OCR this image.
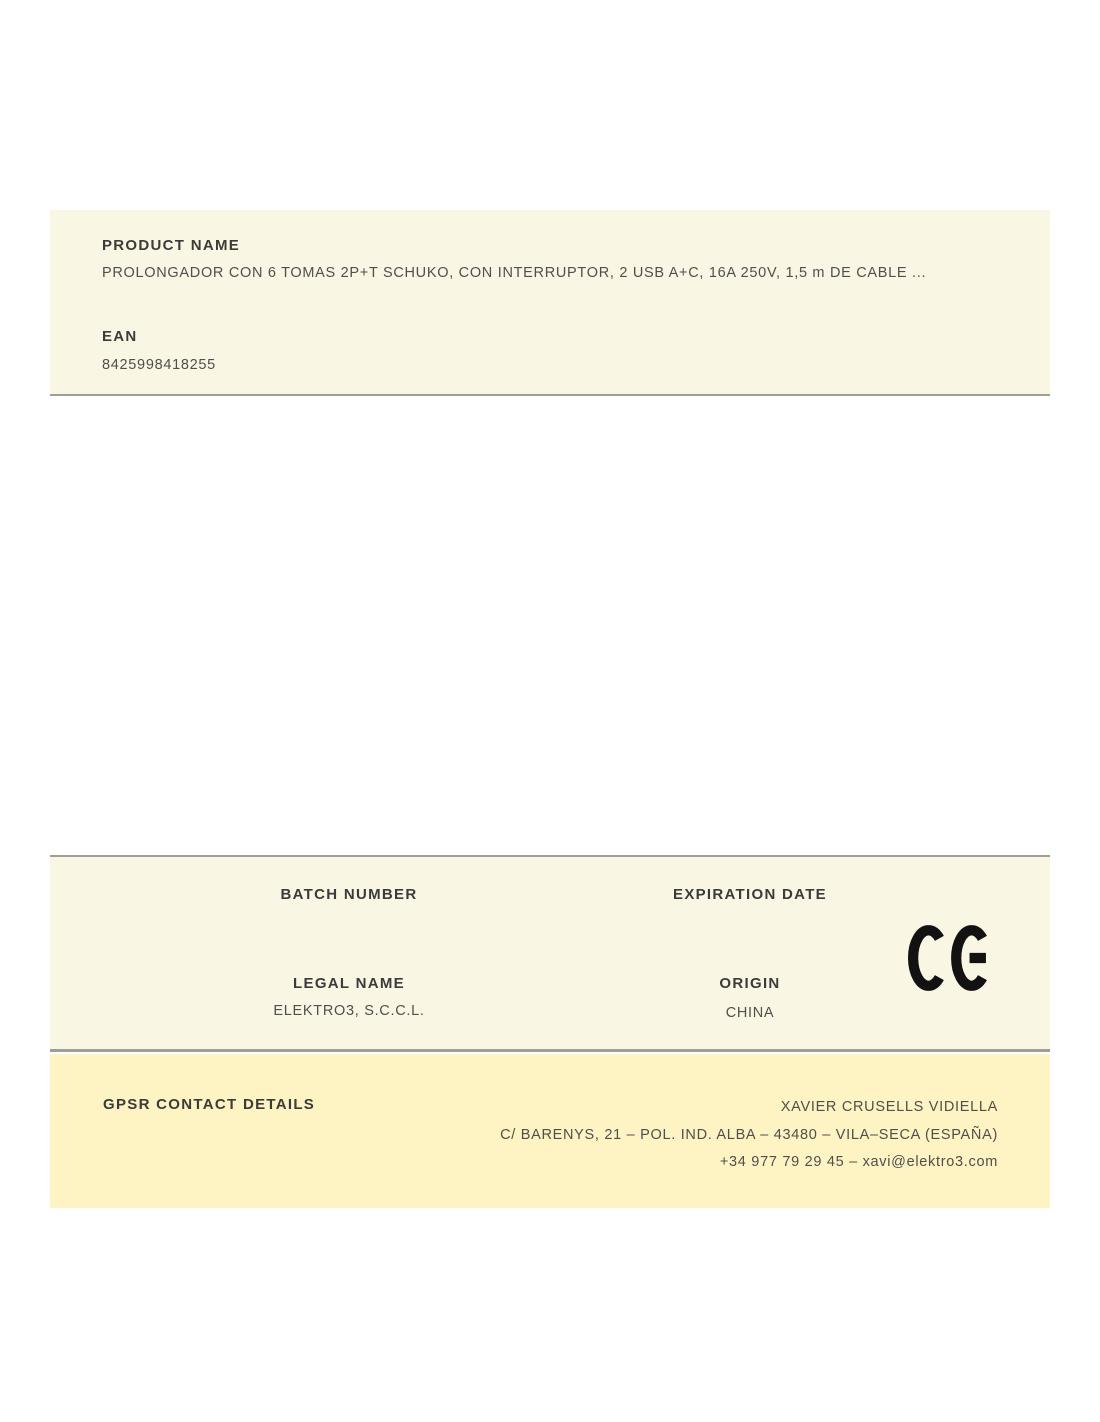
PRODUCT NAME
PROLONGADOR CON 6 TOMAS 2P+T SCHUKO, CON INTERRUPTOR, 2 USB A+C, 16A 250V, 1,5 m DE CABLE ...
EAN
8425998418255
BATCH NUMBER	EXPIRATION DATE
LEGAL NAME
ELEKTRO3, S.C.C.L.
ORIGIN
CHINA
GPSR CONTACT DETAILS	XAVIER CRUSELLS VIDIELLA
C/ BARENYS, 21 – POL. IND. ALBA – 43480 – VILA–SECA (ESPAÑA)
+34 977 79 29 45 – xavi@elektro3.com
